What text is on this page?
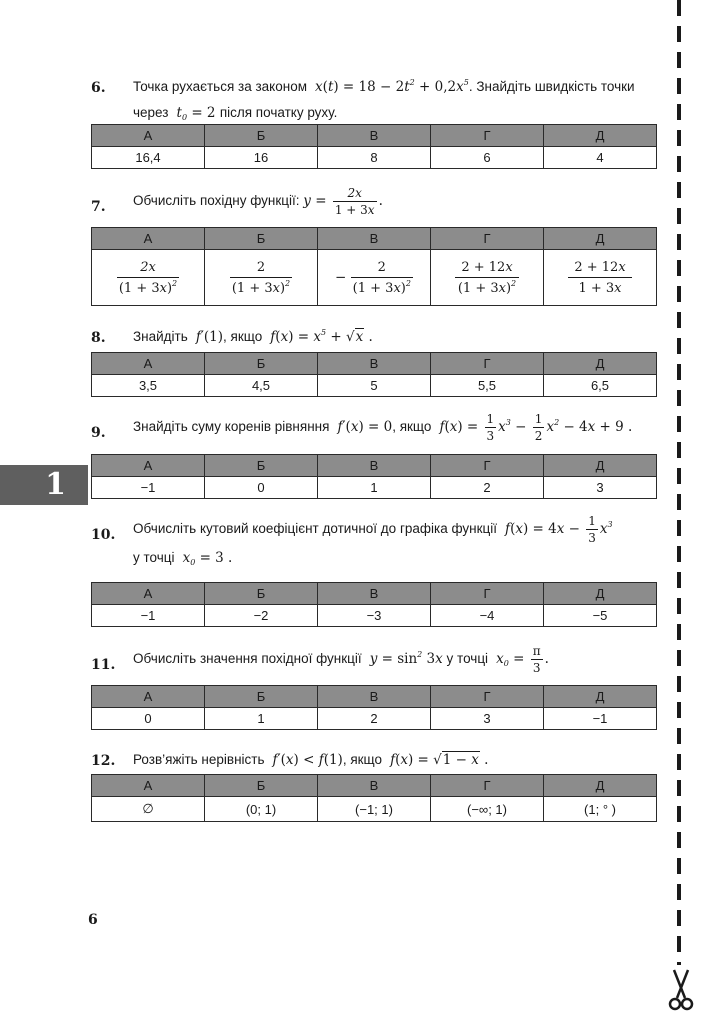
6. Точка рухається за законом  $x(t) = 18 - 2t^2 + 0,2x^5$. Знайдіть швидкість точки
через  $t_0 = 2$ після початку руху.
А	Б	В	Г	Д
16,4	16	8	6	4
7. Обчисліть похідну функції: $y = \frac{2x}{1 + 3x}$ .
А	Б	В	Г	Д

$\frac{2x}{(1 + 3x)^2}$	$\frac{2}{(1 + 3x)^2}$	− $\frac{2}{(1 + 3x)^2}$	$\frac{2 + 12x}{(1 + 3x)^2}$	$\frac{2 + 12x}{1 + 3x}$
8. Знайдіть  f′(1), якщо  $f(x) = x^5 + √x$ .
А	Б	В	Г	Д
3,5	4,5	5	5,5	6,5
9. Знайдіть суму коренів рівняння  f′(x) = 0, якщо  $f(x) = \frac{1}{3} x^3 - \frac{1}{2} x^2 - 4x + 9$ .
А	Б	В	Г	Д
−1	0	1	2	3
10. Обчисліть кутовий коефіцієнт дотичної до графіка функції  $f(x) = 4x - \frac{1}{3} x^3$
у точці  $x_0 = 3$ .
А	Б	В	Г	Д
−1	−2	−3	−4	−5
11. Обчисліть значення похідної функції  $y = \sin^2 3x$ у точці  $x_0 = \frac{\pi}{3}$ .
А	Б	В	Г	Д
0	1	2	3	−1
12. Розв’яжіть нерівність  f′(x) < f(1), якщо  f(x) = √1 − x .
А	Б	В	Г	Д
∅	(0; 1)	(−1; 1)	(−∞; 1)	(1; ° )
1
6
